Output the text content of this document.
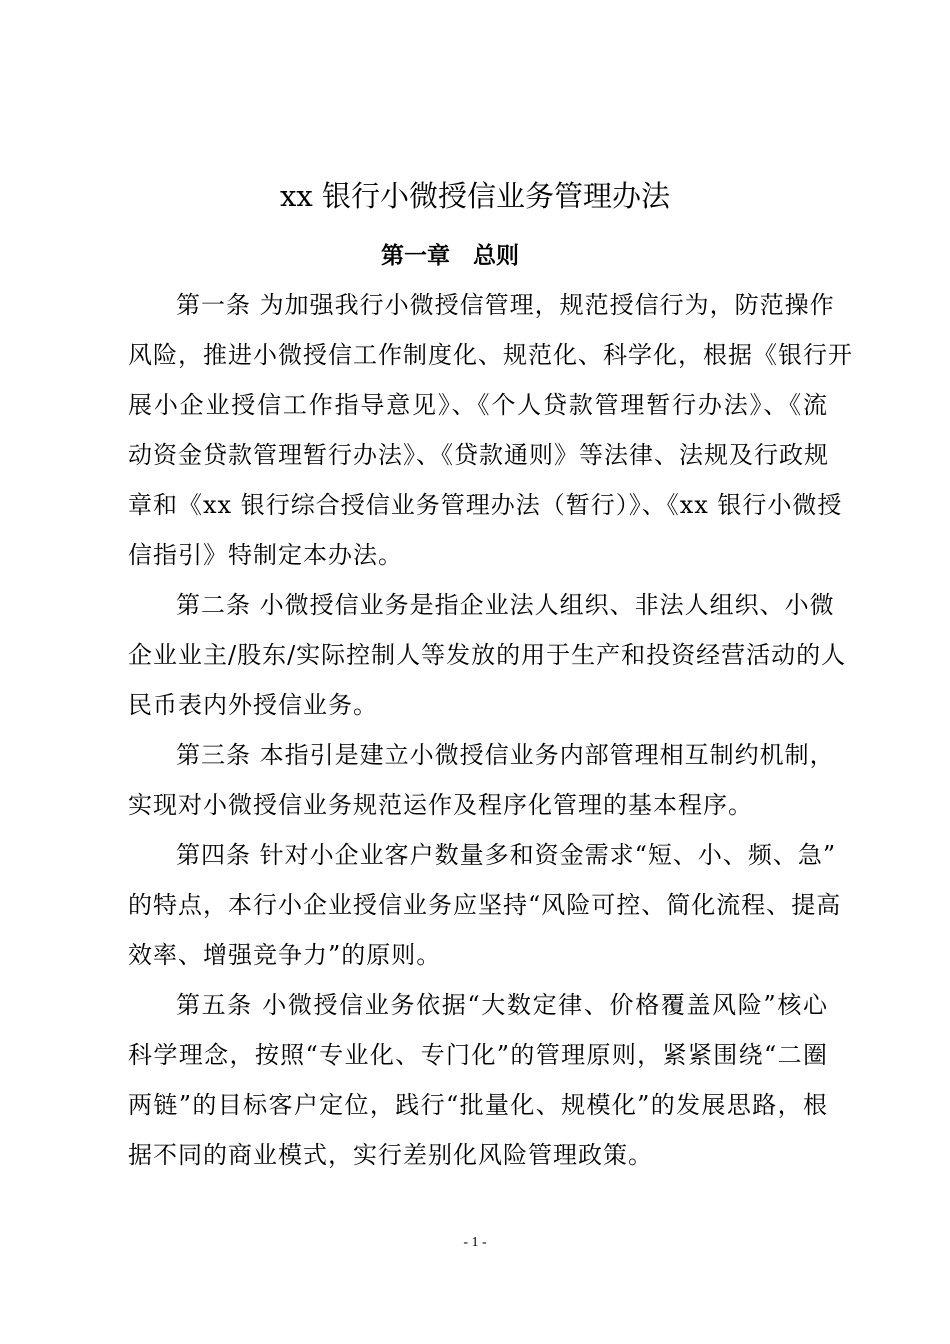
xx 银行小微授信业务管理办法
第一章　总则
第一条 为加强我行小微授信管理，规范授信行为，防范操作
风险，推进小微授信工作制度化、规范化、科学化，根据《银行开
展小企业授信工作指导意见》、《个人贷款管理暂行办法》、《流
动资金贷款管理暂行办法》、《贷款通则》等法律、法规及行政规
章和《xx 银行综合授信业务管理办法（暂行）》、《xx 银行小微授
信指引》特制定本办法。
第二条 小微授信业务是指企业法人组织、非法人组织、小微
企业业主/股东/实际控制人等发放的用于生产和投资经营活动的人
民币表内外授信业务。
第三条 本指引是建立小微授信业务内部管理相互制约机制，
实现对小微授信业务规范运作及程序化管理的基本程序。
第四条 针对小企业客户数量多和资金需求“短、小、频、急”
的特点，本行小企业授信业务应坚持“风险可控、简化流程、提高
效率、增强竞争力”的原则。
第五条 小微授信业务依据“大数定律、价格覆盖风险”核心
科学理念，按照“专业化、专门化”的管理原则，紧紧围绕“二圈
两链”的目标客户定位，践行“批量化、规模化”的发展思路，根
据不同的商业模式，实行差别化风险管理政策。
- 1 -
